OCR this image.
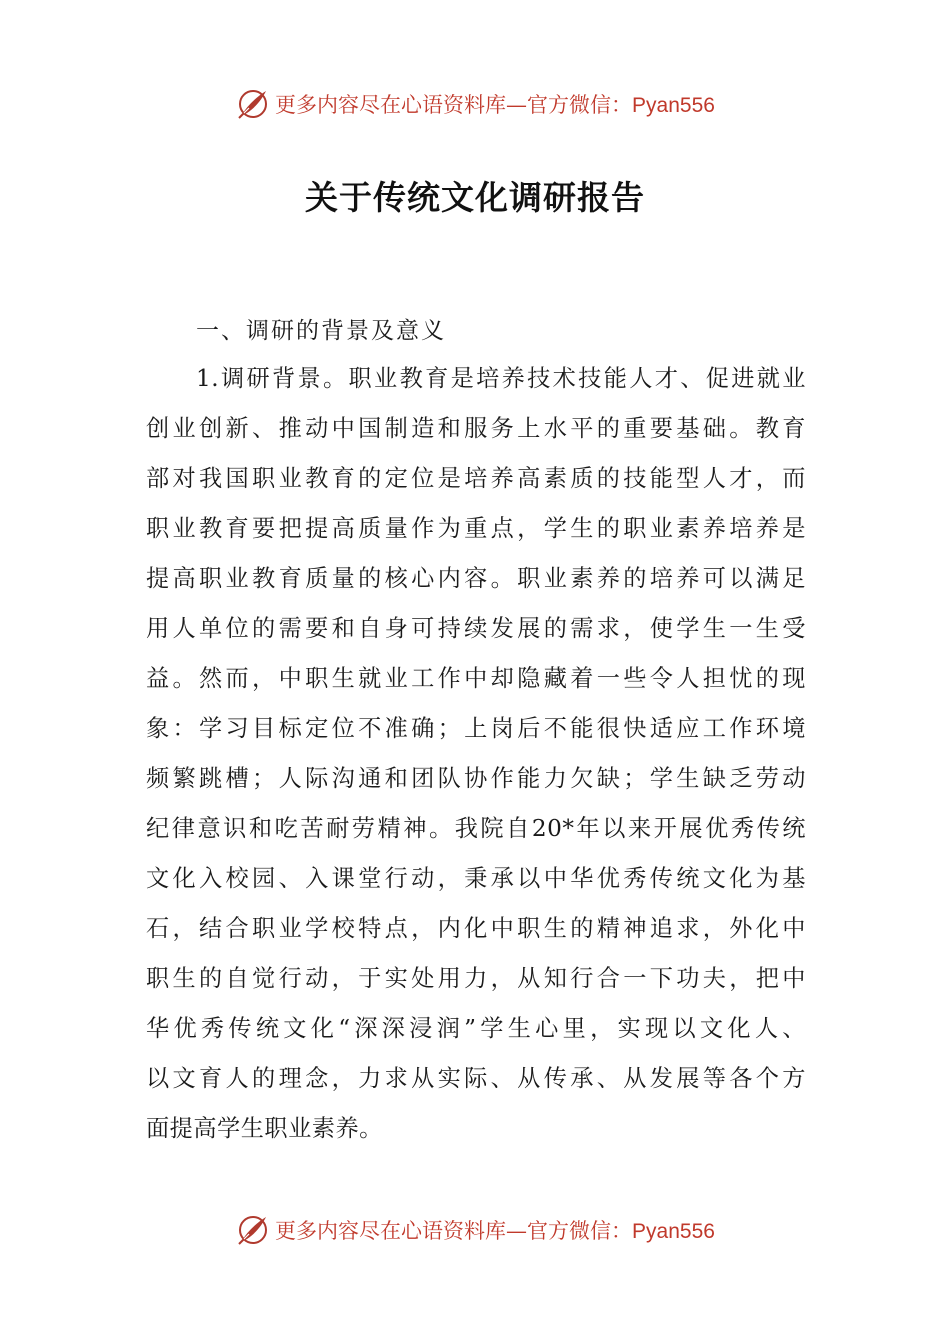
更多内容尽在心语资料库—官方微信：Pyan556
关于传统文化调研报告

一、调研的背景及意义

1.调研背景。职业教育是培养技术技能人才、促进就业
创业创新、推动中国制造和服务上水平的重要基础。教育
部对我国职业教育的定位是培养高素质的技能型人才，而
职业教育要把提高质量作为重点，学生的职业素养培养是
提高职业教育质量的核心内容。职业素养的培养可以满足
用人单位的需要和自身可持续发展的需求，使学生一生受
益。然而，中职生就业工作中却隐藏着一些令人担忧的现
象：学习目标定位不准确；上岗后不能很快适应工作环境
频繁跳槽；人际沟通和团队协作能力欠缺；学生缺乏劳动
纪律意识和吃苦耐劳精神。我院自20*年以来开展优秀传统
文化入校园、入课堂行动，秉承以中华优秀传统文化为基
石，结合职业学校特点，内化中职生的精神追求，外化中
职生的自觉行动，于实处用力，从知行合一下功夫，把中
华优秀传统文化“深深浸润”学生心里，实现以文化人、
以文育人的理念，力求从实际、从传承、从发展等各个方
面提高学生职业素养。
更多内容尽在心语资料库—官方微信：Pyan556
